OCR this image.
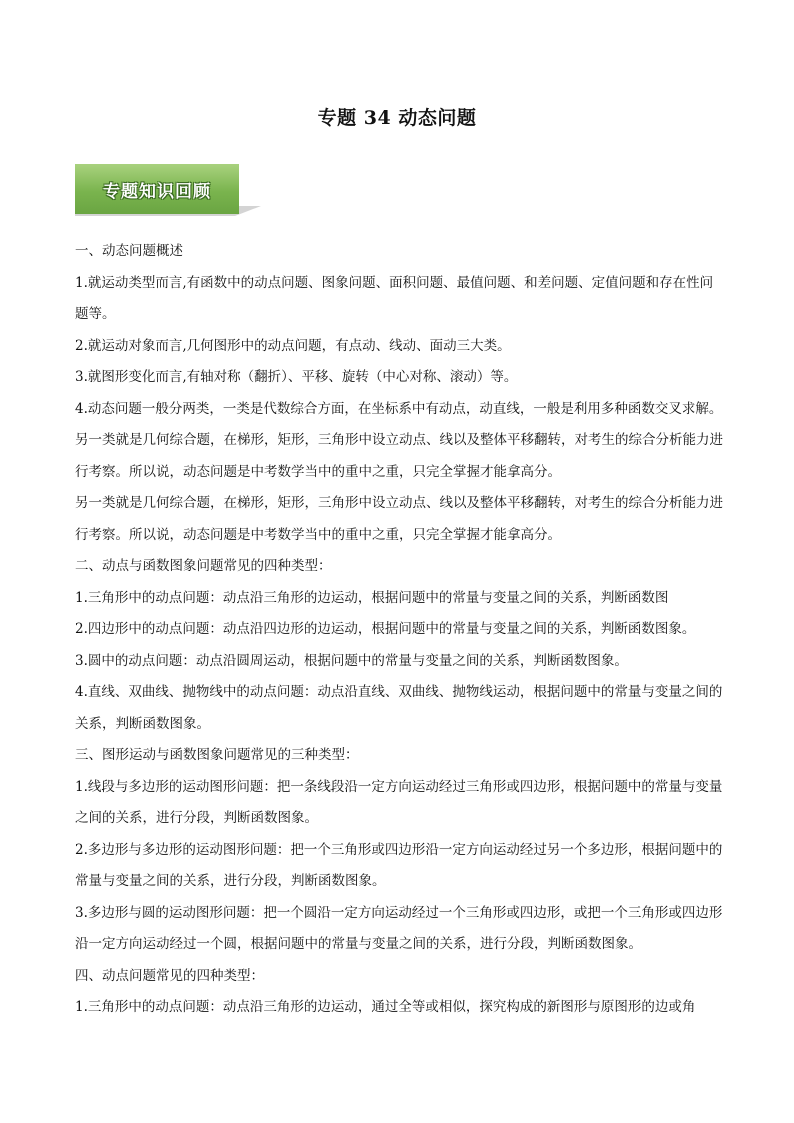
专题 34 动态问题
专题知识回顾

一、动态问题概述

1.就运动类型而言,有函数中的动点问题、图象问题、面积问题、最值问题、和差问题、定值问题和存在性问题等。

2.就运动对象而言,几何图形中的动点问题，有点动、线动、面动三大类。

3.就图形变化而言,有轴对称（翻折）、平移、旋转（中心对称、滚动）等。

4.动态问题一般分两类，一类是代数综合方面，在坐标系中有动点，动直线，一般是利用多种函数交叉求解。另一类就是几何综合题，在梯形，矩形，三角形中设立动点、线以及整体平移翻转，对考生的综合分析能力进行考察。所以说，动态问题是中考数学当中的重中之重，只完全掌握才能拿高分。

另一类就是几何综合题，在梯形，矩形，三角形中设立动点、线以及整体平移翻转，对考生的综合分析能力进行考察。所以说，动态问题是中考数学当中的重中之重，只完全掌握才能拿高分。

二、动点与函数图象问题常见的四种类型：

1.三角形中的动点问题：动点沿三角形的边运动，根据问题中的常量与变量之间的关系，判断函数图

2.四边形中的动点问题：动点沿四边形的边运动，根据问题中的常量与变量之间的关系，判断函数图象。

3.圆中的动点问题：动点沿圆周运动，根据问题中的常量与变量之间的关系，判断函数图象。

4.直线、双曲线、抛物线中的动点问题：动点沿直线、双曲线、抛物线运动，根据问题中的常量与变量之间的关系，判断函数图象。

三、图形运动与函数图象问题常见的三种类型：

1.线段与多边形的运动图形问题：把一条线段沿一定方向运动经过三角形或四边形，根据问题中的常量与变量之间的关系，进行分段，判断函数图象。

2.多边形与多边形的运动图形问题：把一个三角形或四边形沿一定方向运动经过另一个多边形，根据问题中的常量与变量之间的关系，进行分段，判断函数图象。

3.多边形与圆的运动图形问题：把一个圆沿一定方向运动经过一个三角形或四边形，或把一个三角形或四边形沿一定方向运动经过一个圆，根据问题中的常量与变量之间的关系，进行分段，判断函数图象。

四、动点问题常见的四种类型：

1.三角形中的动点问题：动点沿三角形的边运动，通过全等或相似，探究构成的新图形与原图形的边或角
